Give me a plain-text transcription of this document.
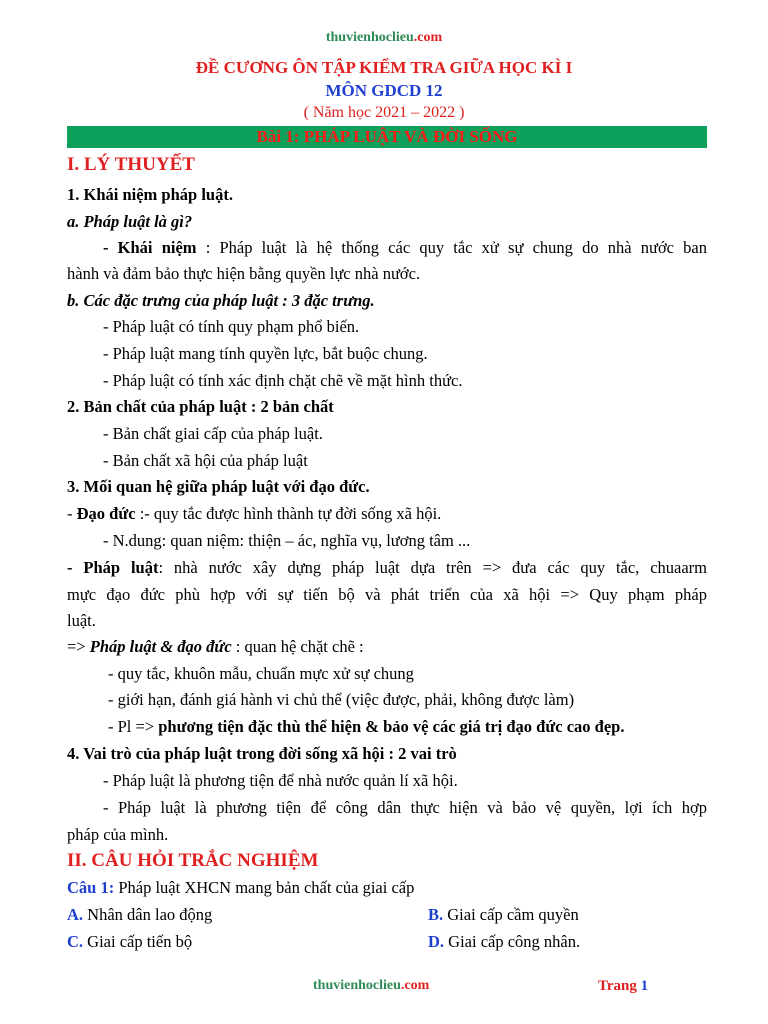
thuvienhoclieu.com
ĐỀ CƯƠNG ÔN TẬP KIỂM TRA GIỮA HỌC KÌ I
MÔN GDCD 12
( Năm học 2021 – 2022 )
Bài 1: PHÁP LUẬT VÀ ĐỜI SỐNG
I. LÝ THUYẾT
1. Khái niệm pháp luật.
a. Pháp luật là gì?
- Khái niệm : Pháp luật là hệ thống các quy tắc xử sự chung do nhà nước ban
hành và đảm bảo thực hiện bằng quyền lực nhà nước.
b. Các đặc trưng của pháp luật : 3 đặc trưng.
- Pháp luật có tính quy phạm phổ biến.
- Pháp luật mang tính quyền lực, bắt buộc chung.
- Pháp luật có tính xác định chặt chẽ về mặt hình thức.
2. Bản chất của pháp luật : 2 bản chất
- Bản chất giai cấp của pháp luật.
- Bản chất xã hội của pháp luật
3. Mối quan hệ giữa pháp luật với đạo đức.
- Đạo đức :- quy tắc được hình thành tự đời sống xã hội.
- N.dung: quan niệm: thiện – ác, nghĩa vụ, lương tâm ...
- Pháp luật: nhà nước xây dựng pháp luật dựa trên => đưa các quy tắc, chuaarm
mực đạo đức phù hợp với sự tiến bộ và phát triển của xã hội => Quy phạm pháp
luật.
=> Pháp luật & đạo đức : quan hệ chặt chẽ :
- quy tắc, khuôn mẫu, chuẩn mực xử sự chung
- giới hạn, đánh giá hành vi chủ thể (việc được, phải, không được làm)
- Pl => phương tiện đặc thù thể hiện & bảo vệ các giá trị đạo đức cao đẹp.
4. Vai trò của pháp luật trong đời sống xã hội : 2 vai trò
- Pháp luật là phương tiện để nhà nước quản lí xã hội.
- Pháp luật là phương tiện để công dân thực hiện và bảo vệ quyền, lợi ích hợp
pháp của mình.
II. CÂU HỎI TRẮC NGHIỆM
Câu 1: Pháp luật XHCN mang bản chất của giai cấp
A. Nhân dân lao động	B. Giai cấp cầm quyền
C. Giai cấp tiến bộ	D. Giai cấp công nhân.
thuvienhoclieu.com	Trang 1
